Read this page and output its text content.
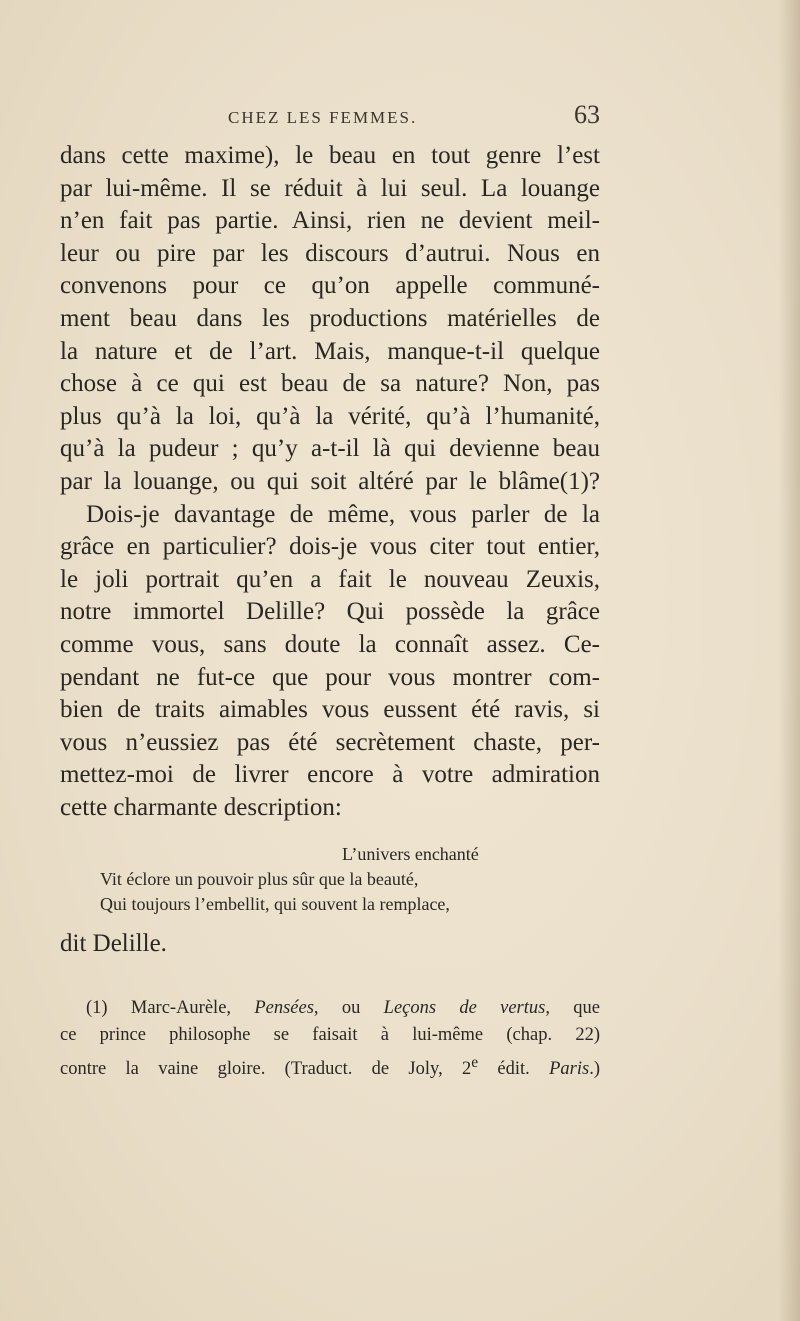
CHEZ LES FEMMES.	63
dans cette maxime), le beau en tout genre l’est
par lui-même. Il se réduit à lui seul. La louange
n’en fait pas partie. Ainsi, rien ne devient meil-
leur ou pire par les discours d’autrui. Nous en
convenons pour ce qu’on appelle communé-
ment beau dans les productions matérielles de
la nature et de l’art. Mais, manque-t-il quelque
chose à ce qui est beau de sa nature? Non, pas
plus qu’à la loi, qu’à la vérité, qu’à l’humanité,
qu’à la pudeur ; qu’y a-t-il là qui devienne beau
par la louange, ou qui soit altéré par le blâme(1)?
Dois-je davantage de même, vous parler de la
grâce en particulier? dois-je vous citer tout entier,
le joli portrait qu’en a fait le nouveau Zeuxis,
notre immortel Delille? Qui possède la grâce
comme vous, sans doute la connaît assez. Ce-
pendant ne fut-ce que pour vous montrer com-
bien de traits aimables vous eussent été ravis, si
vous n’eussiez pas été secrètement chaste, per-
mettez-moi de livrer encore à votre admiration
cette charmante description:
L’univers enchanté
Vit éclore un pouvoir plus sûr que la beauté,
Qui toujours l’embellit, qui souvent la remplace,
dit Delille.
(1) Marc-Aurèle, Pensées, ou Leçons de vertus, que
ce prince philosophe se faisait à lui-même (chap. 22)
contre la vaine gloire. (Traduct. de Joly, 2e édit. Paris.)
